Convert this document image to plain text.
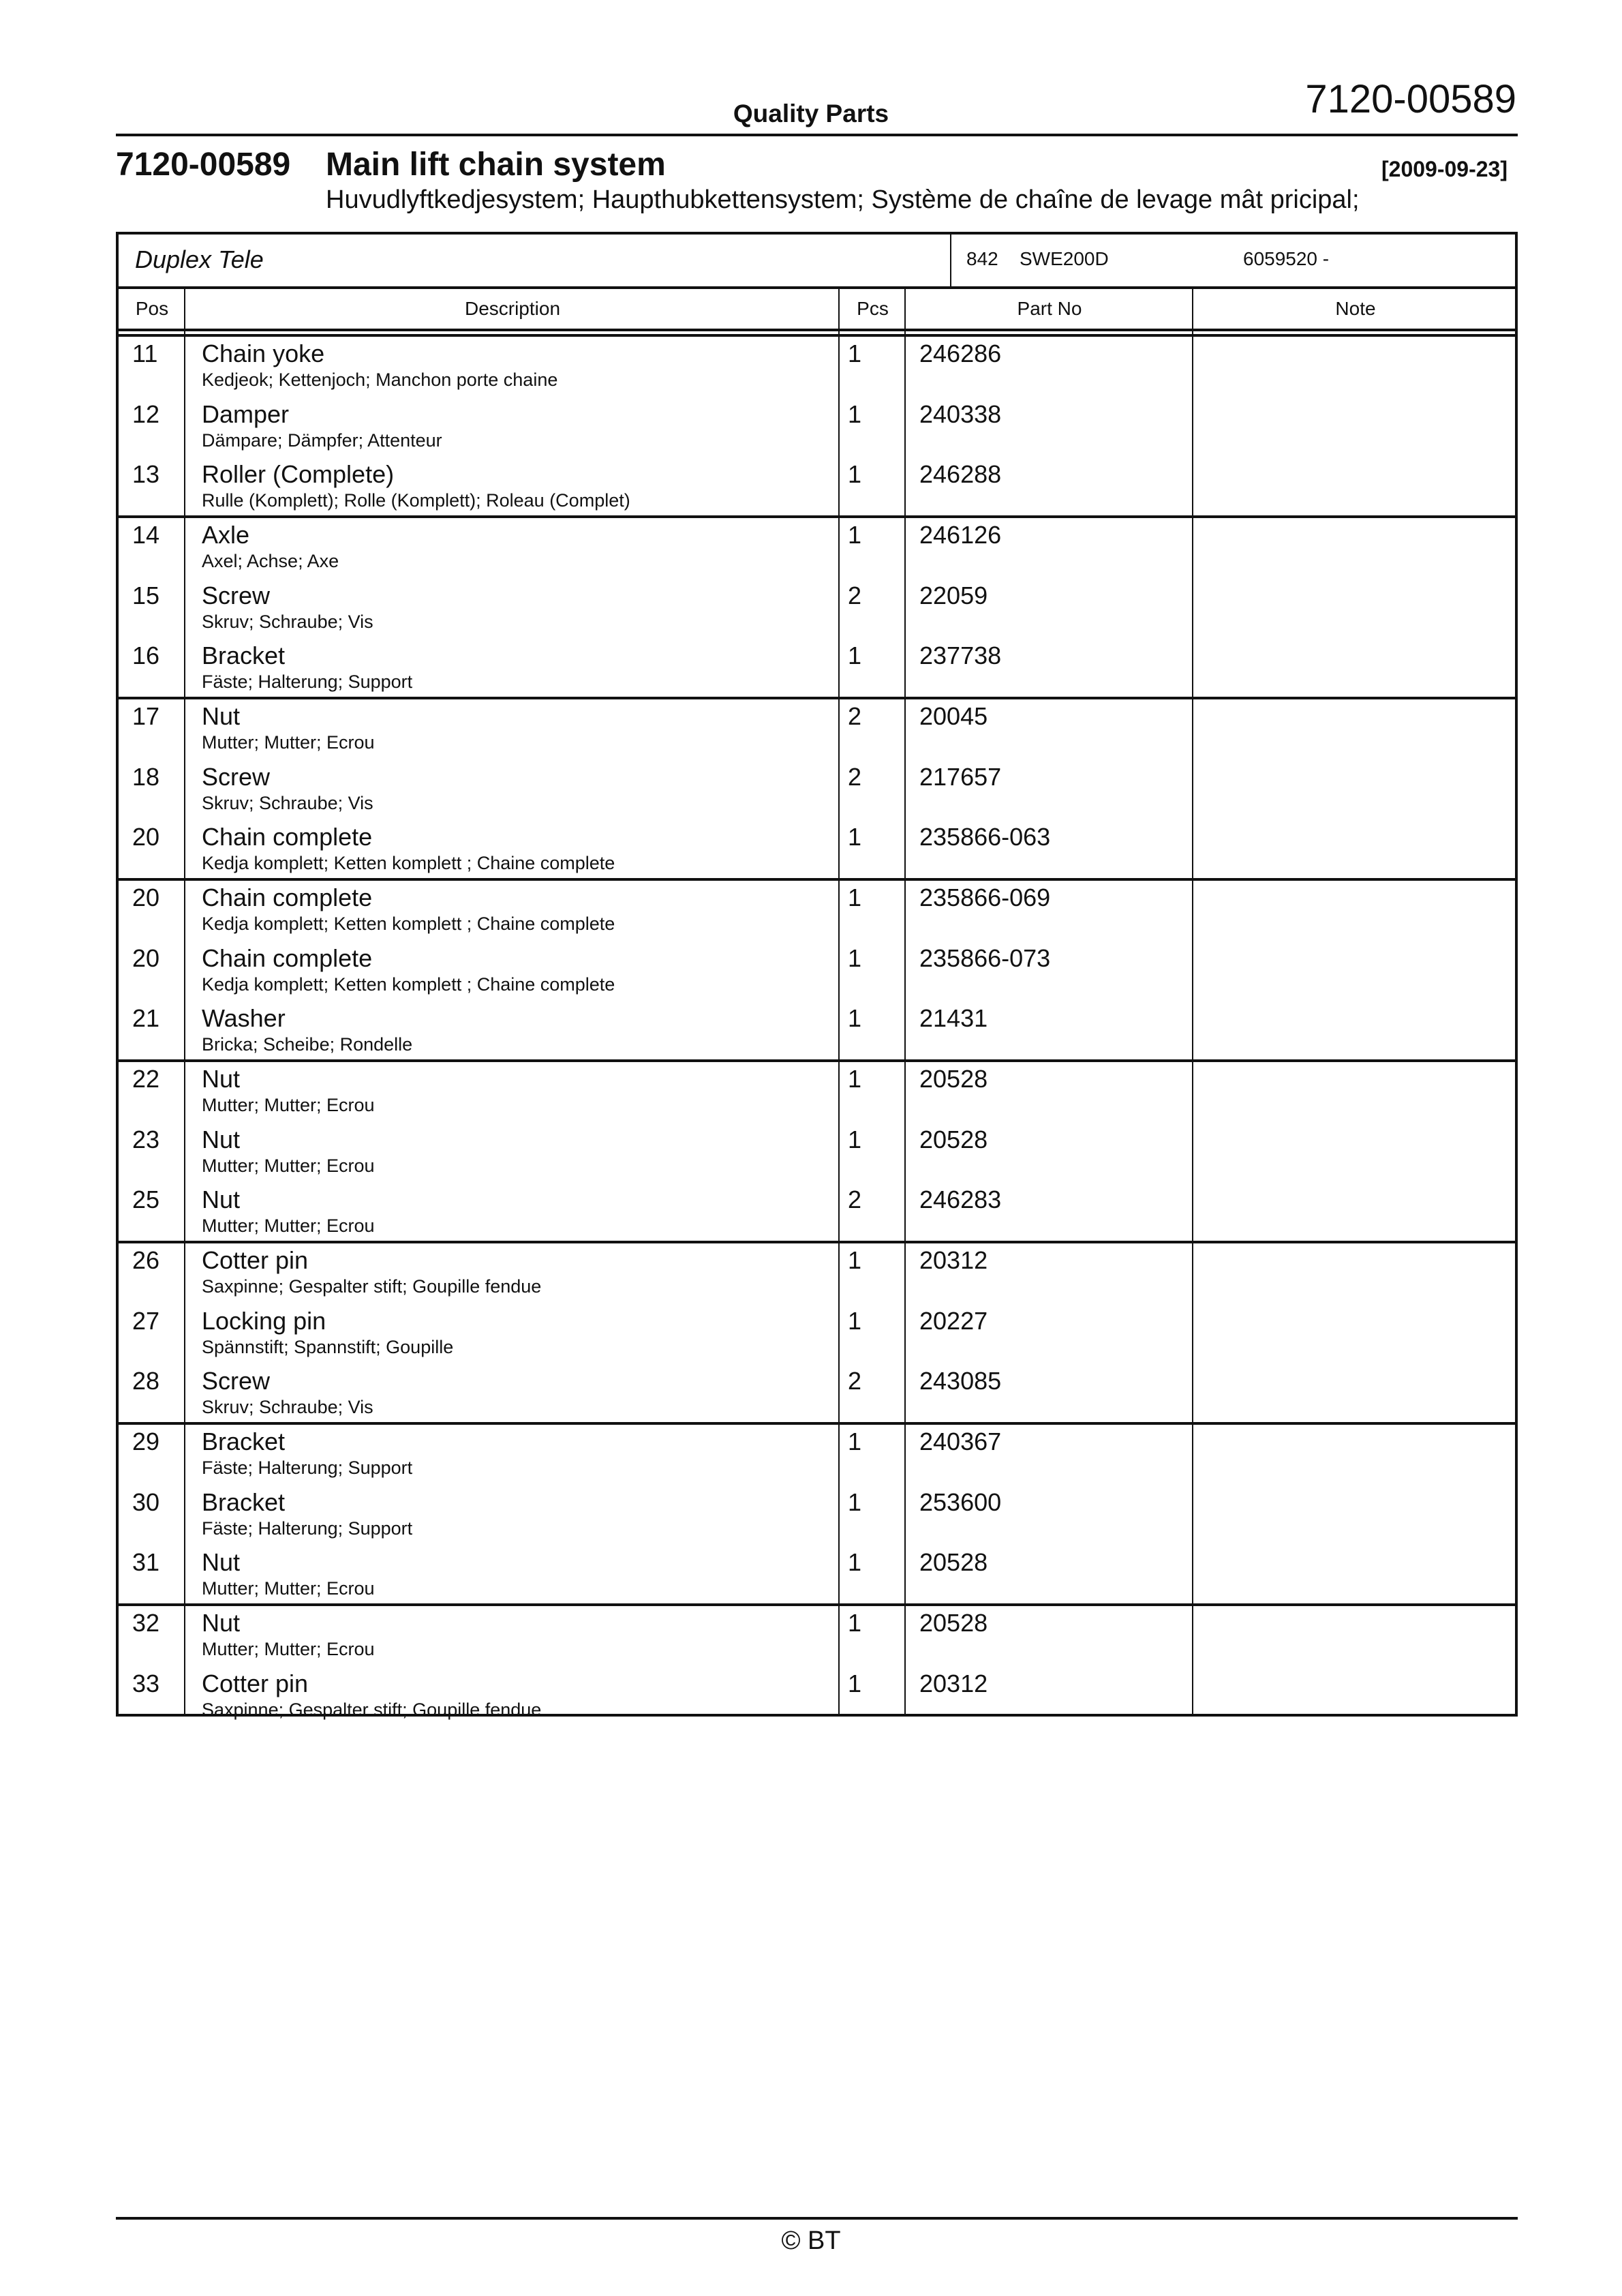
Quality Parts	7120-00589
7120-00589 Main lift chain system	[2009-09-23]
Huvudlyftkedjesystem; Haupthubkettensystem; Système de chaîne de levage mât pricipal;
Duplex Tele	842 SWE200D	6059520 -
Pos	Description	Pcs	Part No	Note
11 Chain yoke
Kedjeok; Kettenjoch; Manchon porte chaine
1 246286
12 Damper
Dämpare; Dämpfer; Attenteur
1 240338
13 Roller (Complete)
Rulle (Komplett); Rolle (Komplett); Roleau (Complet)
1 246288
14 Axle
Axel; Achse; Axe
1 246126
15 Screw
Skruv; Schraube; Vis
2 22059
16 Bracket
Fäste; Halterung; Support
1 237738
17 Nut
Mutter; Mutter; Ecrou
2 20045
18 Screw
Skruv; Schraube; Vis
2 217657
20 Chain complete
Kedja komplett; Ketten komplett ; Chaine complete
1 235866-063
20 Chain complete
Kedja komplett; Ketten komplett ; Chaine complete
1 235866-069
20 Chain complete
Kedja komplett; Ketten komplett ; Chaine complete
1 235866-073
21 Washer
Bricka; Scheibe; Rondelle
1 21431
22 Nut
Mutter; Mutter; Ecrou
1 20528
23 Nut
Mutter; Mutter; Ecrou
1 20528
25 Nut
Mutter; Mutter; Ecrou
2 246283
26 Cotter pin
Saxpinne; Gespalter stift; Goupille fendue
1 20312
27 Locking pin
Spännstift; Spannstift; Goupille
1 20227
28 Screw
Skruv; Schraube; Vis
2 243085
29 Bracket
Fäste; Halterung; Support
1 240367
30 Bracket
Fäste; Halterung; Support
1 253600
31 Nut
Mutter; Mutter; Ecrou
1 20528
32 Nut
Mutter; Mutter; Ecrou
1 20528
33 Cotter pin
Saxpinne; Gespalter stift; Goupille fendue
1 20312
© BT
